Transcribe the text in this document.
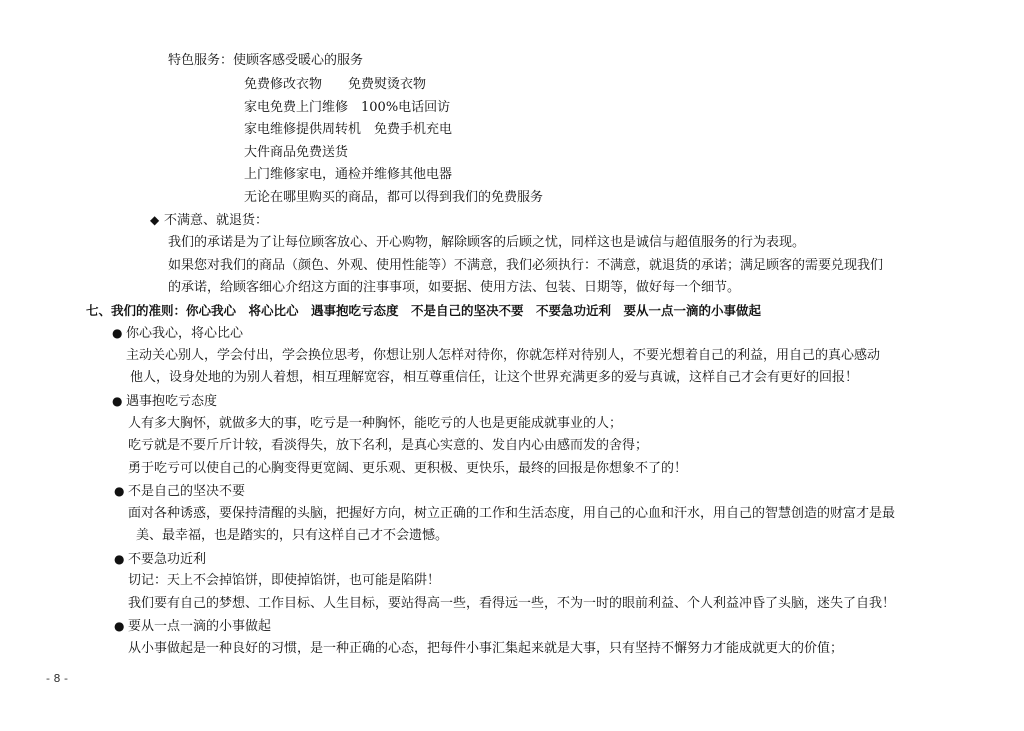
特色服务：使顾客感受暖心的服务
免费修改衣物　　免费熨烫衣物
家电免费上门维修　100%电话回访
家电维修提供周转机　免费手机充电
大件商品免费送货
上门维修家电，通检并维修其他电器
无论在哪里购买的商品，都可以得到我们的免费服务
◆ 不满意、就退货：
我们的承诺是为了让每位顾客放心、开心购物，解除顾客的后顾之忧，同样这也是诚信与超值服务的行为表现。
如果您对我们的商品（颜色、外观、使用性能等）不满意，我们必须执行：不满意，就退货的承诺；满足顾客的需要兑现我们
的承诺，给顾客细心介绍这方面的注事事项，如要据、使用方法、包装、日期等，做好每一个细节。
七、我们的准则：你心我心　将心比心　遇事抱吃亏态度　不是自己的坚决不要　不要急功近利　要从一点一滴的小事做起
● 你心我心，将心比心
主动关心别人，学会付出，学会换位思考，你想让别人怎样对待你，你就怎样对待别人，不要光想着自己的利益，用自己的真心感动
他人，设身处地的为别人着想，相互理解宽容，相互尊重信任，让这个世界充满更多的爱与真诚，这样自己才会有更好的回报！
● 遇事抱吃亏态度
人有多大胸怀，就做多大的事，吃亏是一种胸怀，能吃亏的人也是更能成就事业的人；
吃亏就是不要斤斤计较，看淡得失，放下名利，是真心实意的、发自内心由感而发的舍得；
勇于吃亏可以使自己的心胸变得更宽阔、更乐观、更积极、更快乐，最终的回报是你想象不了的！
● 不是自己的坚决不要
面对各种诱惑，要保持清醒的头脑，把握好方向，树立正确的工作和生活态度，用自己的心血和汗水，用自己的智慧创造的财富才是最
美、最幸福，也是踏实的，只有这样自己才不会遗憾。
● 不要急功近利
切记：天上不会掉馅饼，即使掉馅饼，也可能是陷阱！
我们要有自己的梦想、工作目标、人生目标，要站得高一些，看得远一些，不为一时的眼前利益、个人利益冲昏了头脑，迷失了自我！
● 要从一点一滴的小事做起
从小事做起是一种良好的习惯，是一种正确的心态，把每件小事汇集起来就是大事，只有坚持不懈努力才能成就更大的价值；
- 8 -
